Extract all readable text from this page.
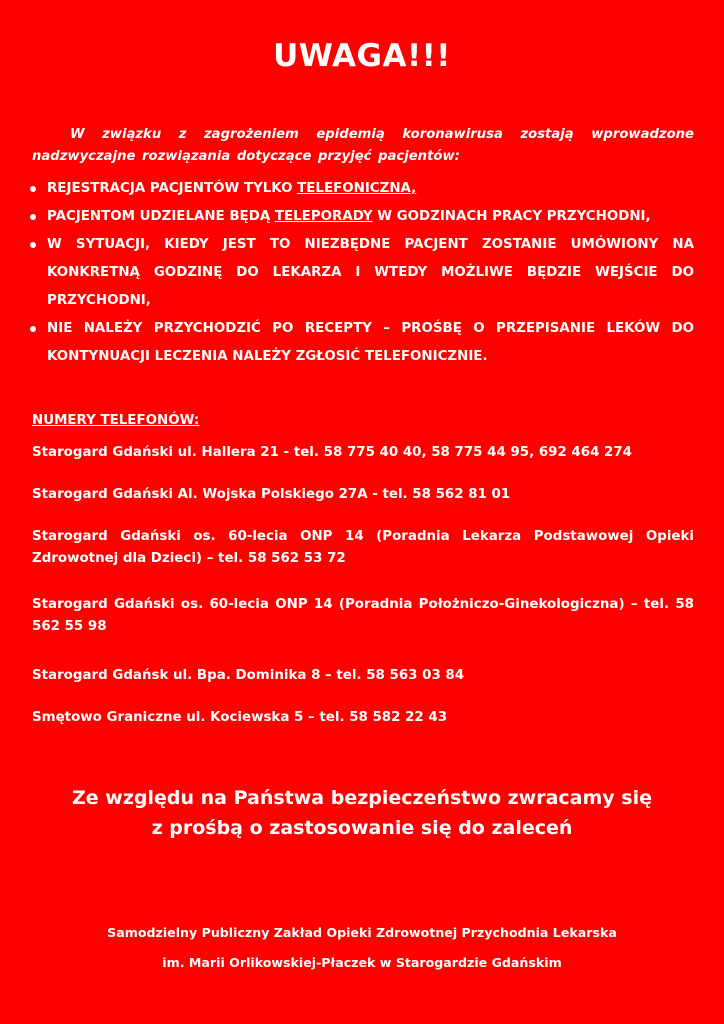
UWAGA!!!
W związku z zagrożeniem epidemią koronawirusa zostają wprowadzone
nadzwyczajne rozwiązania dotyczące przyjęć pacjentów:
REJESTRACJA PACJENTÓW TYLKO TELEFONICZNA,
PACJENTOM UDZIELANE BĘDĄ TELEPORADY W GODZINACH PRACY PRZYCHODNI,
W SYTUACJI, KIEDY JEST TO NIEZBĘDNE PACJENT ZOSTANIE UMÓWIONY NA KONKRETNĄ GODZINĘ DO LEKARZA I WTEDY MOŻLIWE BĘDZIE WEJŚCIE DO PRZYCHODNI,
NIE NALEŻY PRZYCHODZIĆ PO RECEPTY – PROŚBĘ O PRZEPISANIE LEKÓW DO KONTYNUACJI LECZENIA NALEŻY ZGŁOSIĆ TELEFONICZNIE.
NUMERY TELEFONÓW:
Starogard Gdański ul. Hallera 21 - tel. 58 775 40 40, 58 775 44 95, 692 464 274
Starogard Gdański Al. Wojska Polskiego 27A - tel. 58 562 81 01
Starogard Gdański os. 60-lecia ONP 14 (Poradnia Lekarza Podstawowej Opieki Zdrowotnej dla Dzieci) – tel. 58 562 53 72
Starogard Gdański os. 60-lecia ONP 14 (Poradnia Położniczo-Ginekologiczna) – tel. 58 562 55 98
Starogard Gdańsk ul. Bpa. Dominika 8 – tel. 58 563 03 84
Smętowo Graniczne ul. Kociewska 5 – tel. 58 582 22 43
Ze względu na Państwa bezpieczeństwo zwracamy się
z prośbą o zastosowanie się do zaleceń
Samodzielny Publiczny Zakład Opieki Zdrowotnej Przychodnia Lekarska
im. Marii Orlikowskiej-Płaczek w Starogardzie Gdańskim
